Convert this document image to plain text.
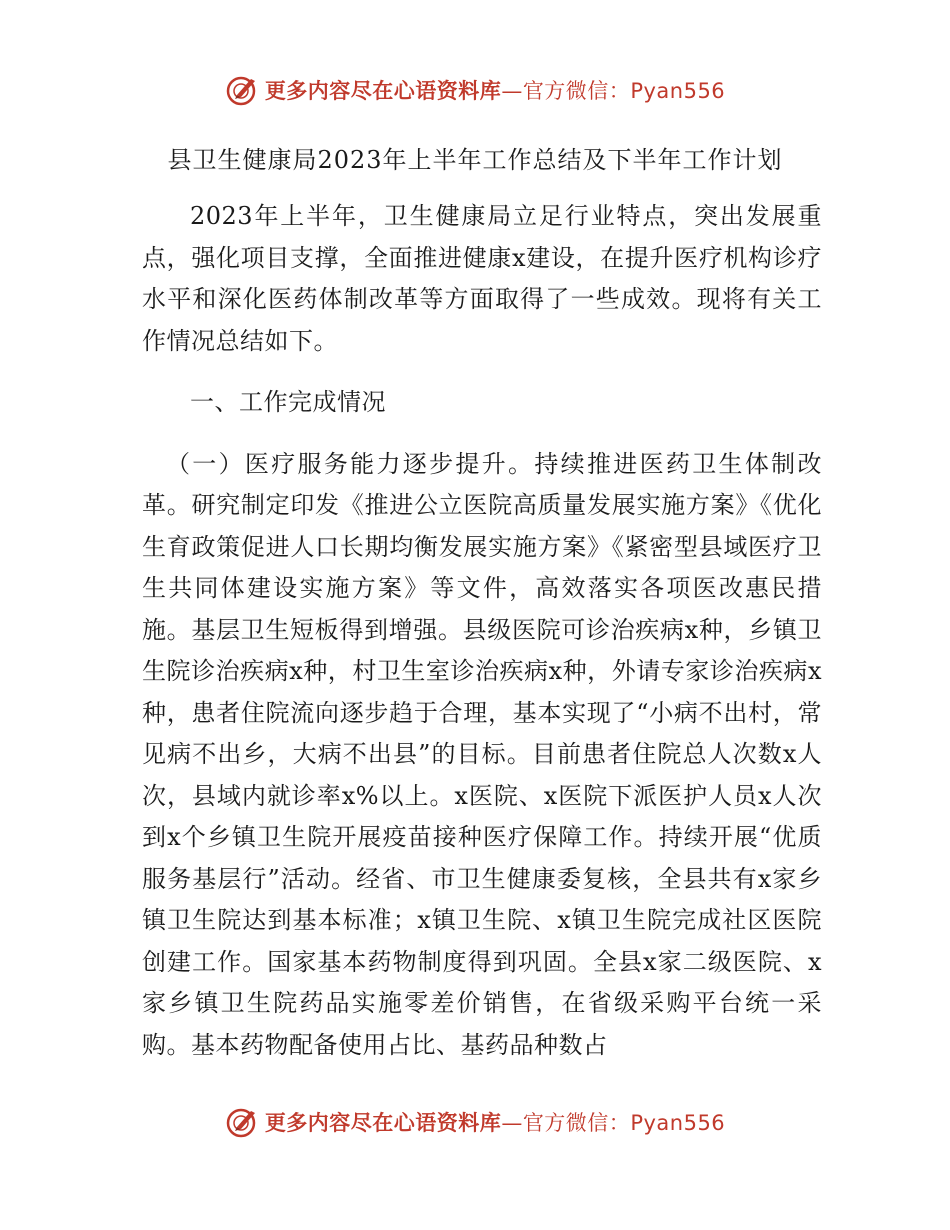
更多内容尽在心语资料库—官方微信：Pyan556
县卫生健康局2023年上半年工作总结及下半年工作计划

2023年上半年，卫生健康局立足行业特点，突出发展重点，强化项目支撑，全面推进健康x建设，在提升医疗机构诊疗水平和深化医药体制改革等方面取得了一些成效。现将有关工作情况总结如下。

一、工作完成情况

（一）医疗服务能力逐步提升。持续推进医药卫生体制改革。研究制定印发《推进公立医院高质量发展实施方案》《优化生育政策促进人口长期均衡发展实施方案》《紧密型县域医疗卫生共同体建设实施方案》等文件，高效落实各项医改惠民措施。基层卫生短板得到增强。县级医院可诊治疾病x种，乡镇卫生院诊治疾病x种，村卫生室诊治疾病x种，外请专家诊治疾病x种，患者住院流向逐步趋于合理，基本实现了“小病不出村，常见病不出乡，大病不出县”的目标。目前患者住院总人次数x人次，县域内就诊率x%以上。x医院、x医院下派医护人员x人次到x个乡镇卫生院开展疫苗接种医疗保障工作。持续开展“优质服务基层行”活动。经省、市卫生健康委复核，全县共有x家乡镇卫生院达到基本标准；x镇卫生院、x镇卫生院完成社区医院创建工作。国家基本药物制度得到巩固。全县x家二级医院、x家乡镇卫生院药品实施零差价销售，在省级采购平台统一采购。基本药物配备使用占比、基药品种数占

更多内容尽在心语资料库—官方微信：Pyan556
